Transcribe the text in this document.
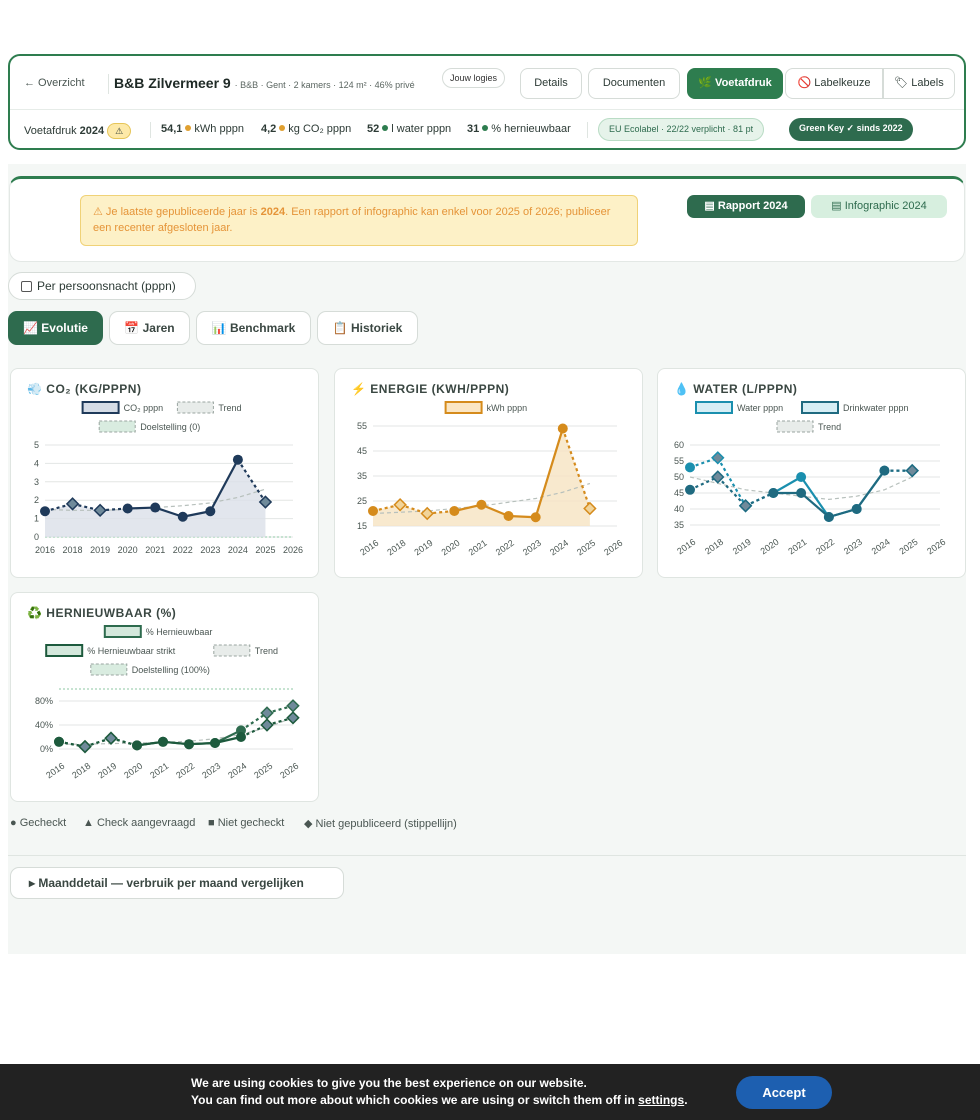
← Overzicht B&B Zilvermeer 9 · B&B · Gent · 2 kamers · 124 m² · 46% privé
Jouw logies	Details	Documenten	🌿 Voetafdruk	🚫 Labelkeuze	🏷 Labels
Voetafdruk 2024 ⚠	54,1 kWh pppn 4,2 kg CO₂ pppn 52 l water pppn 31 % hernieuwbaar	EU Ecolabel · 22/22 verplicht · 81 pt	Green Key ✓ sinds 2022
⚠ Je laatste gepubliceerde jaar is 2024. Een rapport of infographic kan enkel voor 2025 of 2026; publiceer een recenter afgesloten jaar.
▤ Rapport 2024	▤ Infographic 2024
Per persoonsnacht (pppn)
📈 Evolutie	📅 Jaren	📊 Benchmark	📋 Historiek
💨 CO₂ (KG/PPPN)
CO₂ pppn	Trend
Doelstelling (0)
0
1
2
3
4
5
2016 2018 2019 2020 2021 2022 2023 2024 2025 2026
⚡ ENERGIE (KWH/PPPN)
kWh pppn
15
25
35
45
55
2016 2018 2019 2020 2021 2022 2023 2024 2025 2026
💧 WATER (L/PPPN)
Water pppn	Drinkwater pppn
Trend
35
40
45
50
55
60
2016 2018 2019 2020 2021 2022 2023 2024 2025 2026
♻️ HERNIEUWBAAR (%)
% Hernieuwbaar
% Hernieuwbaar strikt	Trend
Doelstelling (100%)
0%
40%
80%
2016 2018 2019 2020 2021 2022 2023 2024 2025 2026
● Gecheckt ▲ Check aangevraagd ■ Niet gecheckt ◆ Niet gepubliceerd (stippellijn)
▸ Maanddetail — verbruik per maand vergelijken
We are using cookies to give you the best experience on our website.
You can find out more about which cookies we are using or switch them off in settings.	Accept
